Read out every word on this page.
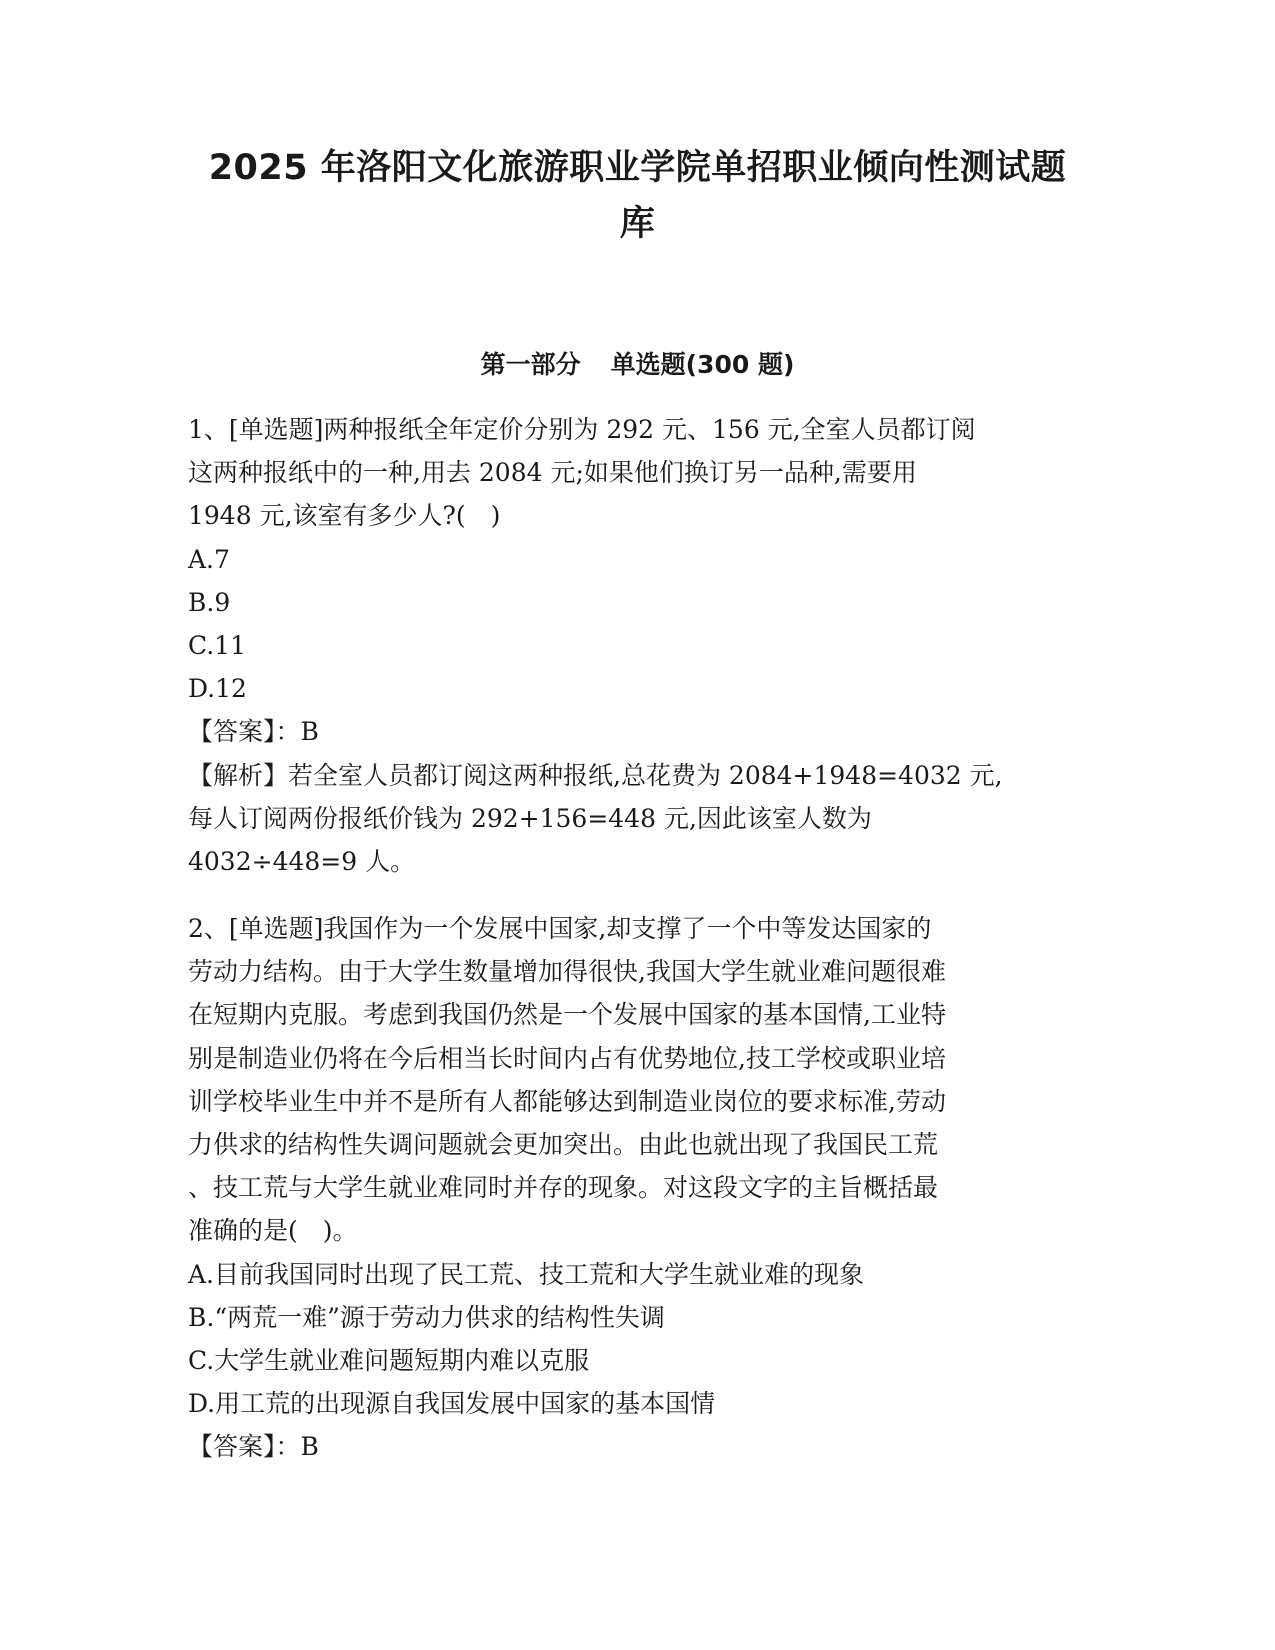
2025 年洛阳文化旅游职业学院单招职业倾向性测试题
库
第一部分 单选题(300 题)
1、[单选题]两种报纸全年定价分别为 292 元、156 元,全室人员都订阅
这两种报纸中的一种,用去 2084 元;如果他们换订另一品种,需要用
1948 元,该室有多少人?(　)
A.7
B.9
C.11
D.12
【答案】：B
【解析】若全室人员都订阅这两种报纸,总花费为 2084+1948=4032 元,
每人订阅两份报纸价钱为 292+156=448 元,因此该室人数为
4032÷448=9 人。
2、[单选题]我国作为一个发展中国家,却支撑了一个中等发达国家的
劳动力结构。由于大学生数量增加得很快,我国大学生就业难问题很难
在短期内克服。考虑到我国仍然是一个发展中国家的基本国情,工业特
别是制造业仍将在今后相当长时间内占有优势地位,技工学校或职业培
训学校毕业生中并不是所有人都能够达到制造业岗位的要求标准,劳动
力供求的结构性失调问题就会更加突出。由此也就出现了我国民工荒
、技工荒与大学生就业难同时并存的现象。对这段文字的主旨概括最
准确的是(　)。
A.目前我国同时出现了民工荒、技工荒和大学生就业难的现象
B.“两荒一难”源于劳动力供求的结构性失调
C.大学生就业难问题短期内难以克服
D.用工荒的出现源自我国发展中国家的基本国情
【答案】：B
